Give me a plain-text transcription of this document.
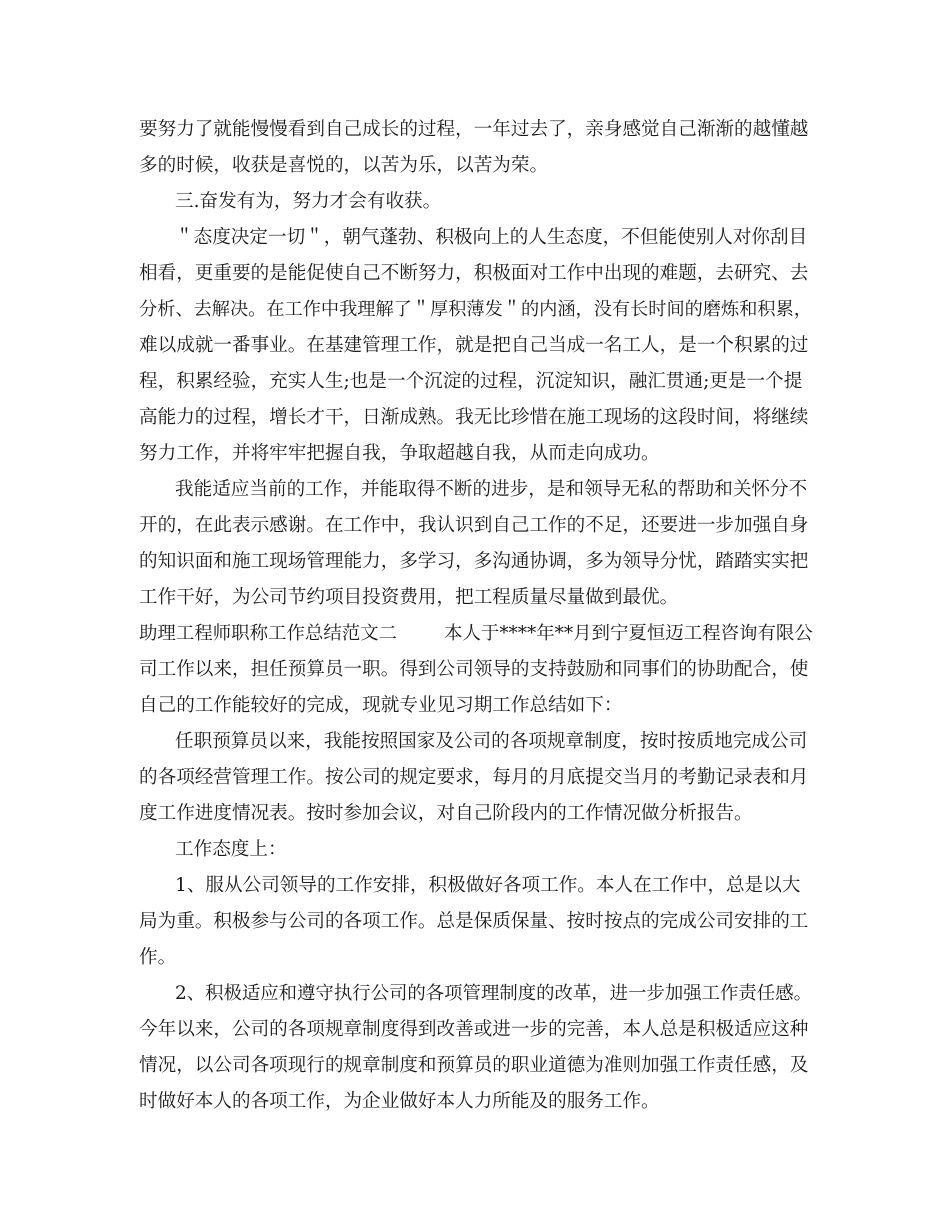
要努力了就能慢慢看到自己成长的过程，一年过去了，亲身感觉自己渐渐的越懂越
多的时候，收获是喜悦的，以苦为乐，以苦为荣。
三.奋发有为，努力才会有收获。
＂态度决定一切＂，朝气蓬勃、积极向上的人生态度，不但能使别人对你刮目
相看，更重要的是能促使自己不断努力，积极面对工作中出现的难题，去研究、去
分析、去解决。在工作中我理解了＂厚积薄发＂的内涵，没有长时间的磨炼和积累，
难以成就一番事业。在基建管理工作，就是把自己当成一名工人，是一个积累的过
程，积累经验，充实人生;也是一个沉淀的过程，沉淀知识，融汇贯通;更是一个提
高能力的过程，增长才干，日渐成熟。我无比珍惜在施工现场的这段时间，将继续
努力工作，并将牢牢把握自我，争取超越自我，从而走向成功。
我能适应当前的工作，并能取得不断的进步，是和领导无私的帮助和关怀分不
开的，在此表示感谢。在工作中，我认识到自己工作的不足，还要进一步加强自身
的知识面和施工现场管理能力，多学习，多沟通协调，多为领导分忧，踏踏实实把
工作干好，为公司节约项目投资费用，把工程质量尽量做到最优。
助理工程师职称工作总结范文二        本人于****年**月到宁夏恒迈工程咨询有限公
司工作以来，担任预算员一职。得到公司领导的支持鼓励和同事们的协助配合，使
自己的工作能较好的完成，现就专业见习期工作总结如下：
任职预算员以来，我能按照国家及公司的各项规章制度，按时按质地完成公司
的各项经营管理工作。按公司的规定要求，每月的月底提交当月的考勤记录表和月
度工作进度情况表。按时参加会议，对自己阶段内的工作情况做分析报告。
工作态度上：
1、服从公司领导的工作安排，积极做好各项工作。本人在工作中，总是以大
局为重。积极参与公司的各项工作。总是保质保量、按时按点的完成公司安排的工
作。
2、积极适应和遵守执行公司的各项管理制度的改革，进一步加强工作责任感。
今年以来，公司的各项规章制度得到改善或进一步的完善，本人总是积极适应这种
情况，以公司各项现行的规章制度和预算员的职业道德为准则加强工作责任感，及
时做好本人的各项工作，为企业做好本人力所能及的服务工作。
